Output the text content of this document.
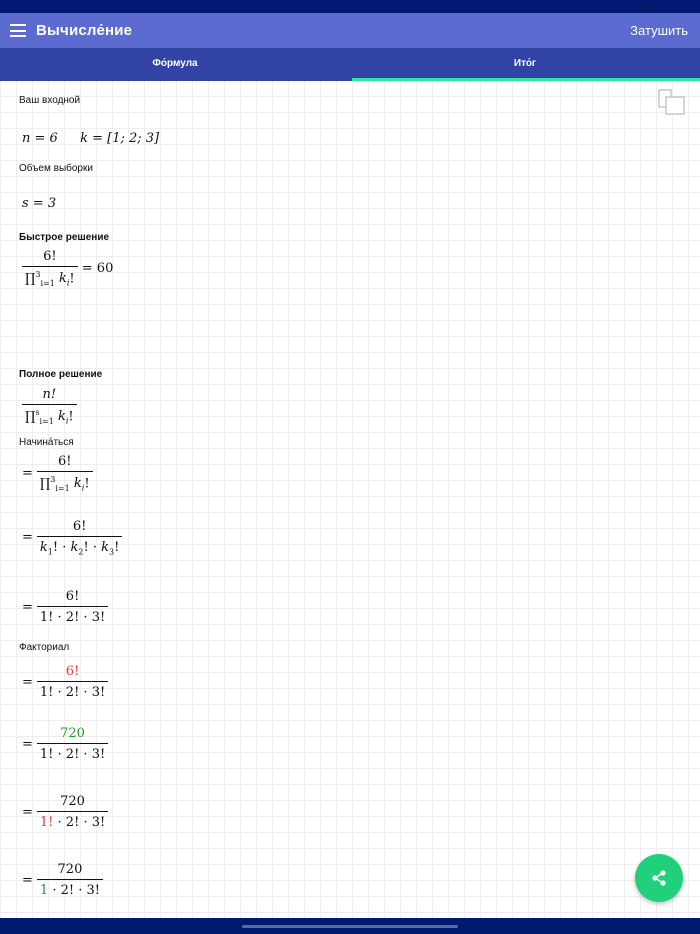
Вычисле́ние	Затушить
Фо́рмула	Ито́г
Ваш входной
n = 6 k = [1; 2; 3]
Объем выборки
s = 3
Быстрое решение
$\frac{6!}{\prod^3_{i=1} k_i!} = 60$
Полное решение
$\frac{n!}{\prod^s_{i=1} k_i!}$
Начина́ться
= $\frac{6!}{\prod^3_{i=1} k_i!}$
= $\frac{6!}{k_1! \cdot k_2! \cdot k_3!}$
= $\frac{6!}{1! \cdot 2! \cdot 3!}$
Факториал
= $\frac{6!}{1! \cdot 2! \cdot 3!}$
= $\frac{720}{1! \cdot 2! \cdot 3!}$
= $\frac{720}{1! \cdot 2! \cdot 3!}$
= $\frac{720}{1 \cdot 2! \cdot 3!}$
